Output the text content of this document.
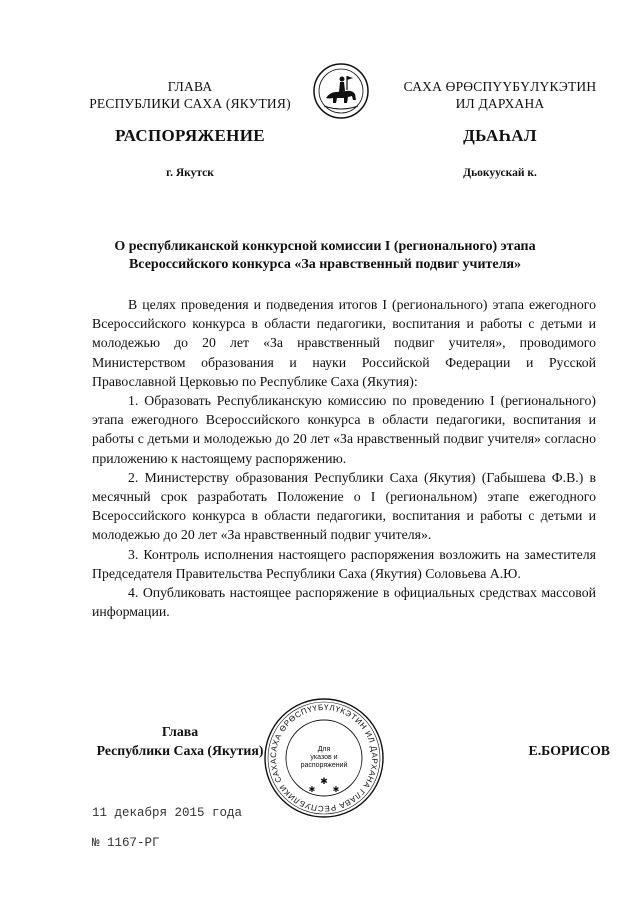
ГЛАВА
РЕСПУБЛИКИ САХА (ЯКУТИЯ)
САХА ӨРӨСПҮҮБҮЛҮКЭТИН
ИЛ ДАРХАНА
РАСПОРЯЖЕНИЕ	ДЬАҺАЛ
г. Якутск	Дьокуускай к.
О республиканской конкурсной комиссии I (регионального) этапа
Всероссийского конкурса «За нравственный подвиг учителя»

В целях проведения и подведения итогов I (регионального) этапа ежегодного Всероссийского конкурса в области педагогики, воспитания и работы с детьми и молодежью до 20 лет «За нравственный подвиг учителя», проводимого Министерством образования и науки Российской Федерации и Русской Православной Церковью по Республике Саха (Якутия):

1. Образовать Республиканскую комиссию по проведению I (регионального) этапа ежегодного Всероссийского конкурса в области педагогики, воспитания и работы с детьми и молодежью до 20 лет «За нравственный подвиг учителя» согласно приложению к настоящему распоряжению.

2. Министерству образования Республики Саха (Якутия) (Габышева Ф.В.) в месячный срок разработать Положение о I (региональном) этапе ежегодного Всероссийского конкурса в области педагогики, воспитания и работы с детьми и молодежью до 20 лет «За нравственный подвиг учителя».

3. Контроль исполнения настоящего распоряжения возложить на заместителя Председателя Правительства Республики Саха (Якутия) Соловьева А.Ю.

4. Опубликовать настоящее распоряжение в официальных средствах массовой информации.

САХА ӨРӨСПҮҮБҮЛҮКЭТИН ИЛ ДАРХАНА ГЛАВА РЕСПУБЛИКИ САХА
Для
указов и
распоряжений
✱
✱ ✱
Глава
Республики Саха (Якутия)	Е.БОРИСОВ
11 декабря 2015 года
№ 1167-РГ
